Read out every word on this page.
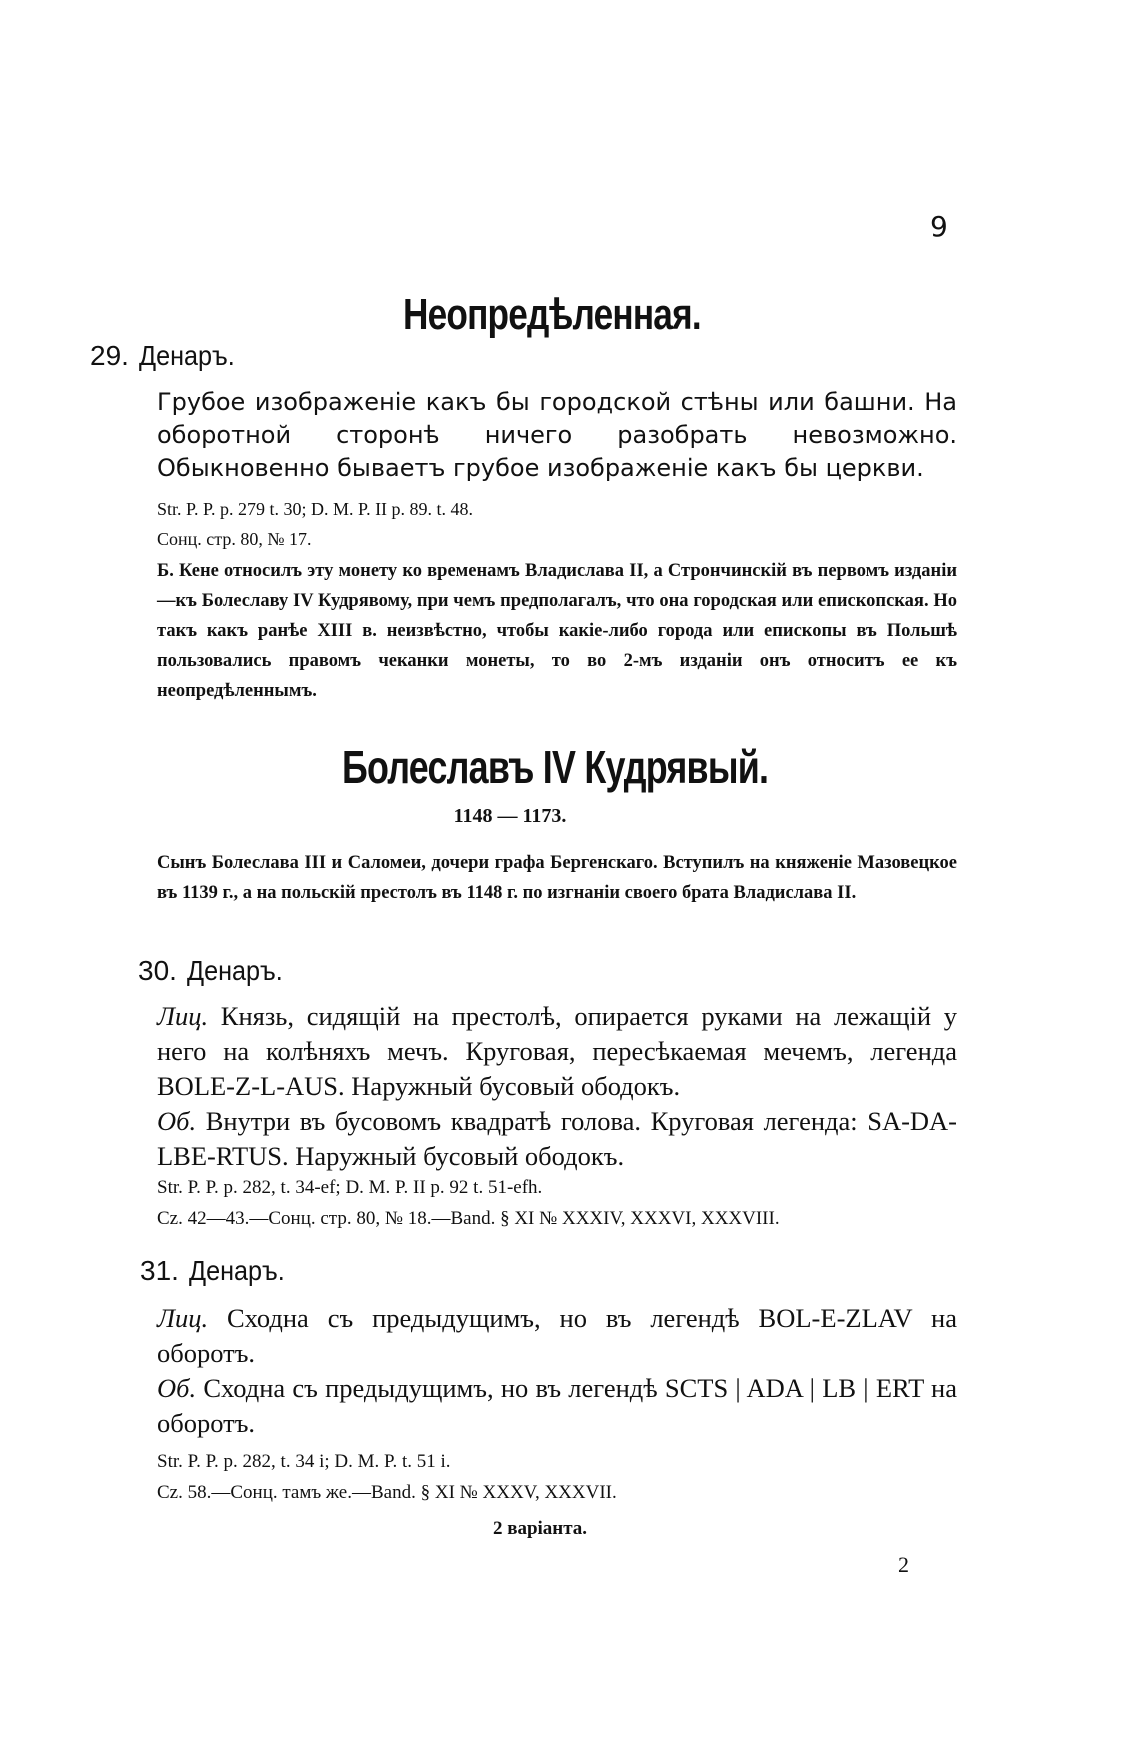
9
Неопредѣленная.
29. Денаръ.
Грубое изображеніе какъ бы городской стѣны или башни. На оборотной сторонѣ ничего разобрать невозможно. Обыкновенно бываетъ грубое изображеніе какъ бы церкви.
Str. P. P. p. 279 t. 30; D. M. P. II p. 89. t. 48.
Сонц. стр. 80, № 17.
Б. Кене относилъ эту монету ко временамъ Владислава II, а Стрончинскій въ первомъ изданіи—къ Болеславу IV Кудрявому, при чемъ предполагалъ, что она городская или епископская. Но такъ какъ ранѣе XIII в. неизвѣстно, чтобы какіе-либо города или епископы въ Польшѣ пользовались правомъ чеканки монеты, то во 2-мъ изданіи онъ относитъ ее къ неопредѣленнымъ.
Болеславъ IV Кудрявый.
1148 — 1173.
Сынъ Болеслава III и Саломеи, дочери графа Бергенскаго. Вступилъ на княженіе Мазовецкое въ 1139 г., а на польскій престолъ въ 1148 г. по изгнаніи своего брата Владислава II.
30. Денаръ.
Лиц. Князь, сидящій на престолѣ, опирается руками на лежащій у него на колѣняхъ мечъ. Круговая, пересѣкаемая мечемъ, легенда BOLE-Z-L-AUS. Наружный бусовый ободокъ.
Об. Внутри въ бусовомъ квадратѣ голова. Круговая легенда: SA-DA-LBE-RTUS. Наружный бусовый ободокъ.
Str. P. P. p. 282, t. 34-ef; D. M. P. II p. 92 t. 51-efh.
Cz. 42—43.—Сонц. стр. 80, № 18.—Band. § XI № XXXIV, XXXVI, XXXVIII.
31. Денаръ.
Лиц. Сходна съ предыдущимъ, но въ легендѣ BOL-E-ZLAV на оборотъ.
Об. Сходна съ предыдущимъ, но въ легендѣ SCTS | ADA | LB | ERT на оборотъ.
Str. P. P. p. 282, t. 34 i; D. M. P. t. 51 i.
Cz. 58.—Сонц. тамъ же.—Band. § XI № XXXV, XXXVII.
2 варіанта.
2
